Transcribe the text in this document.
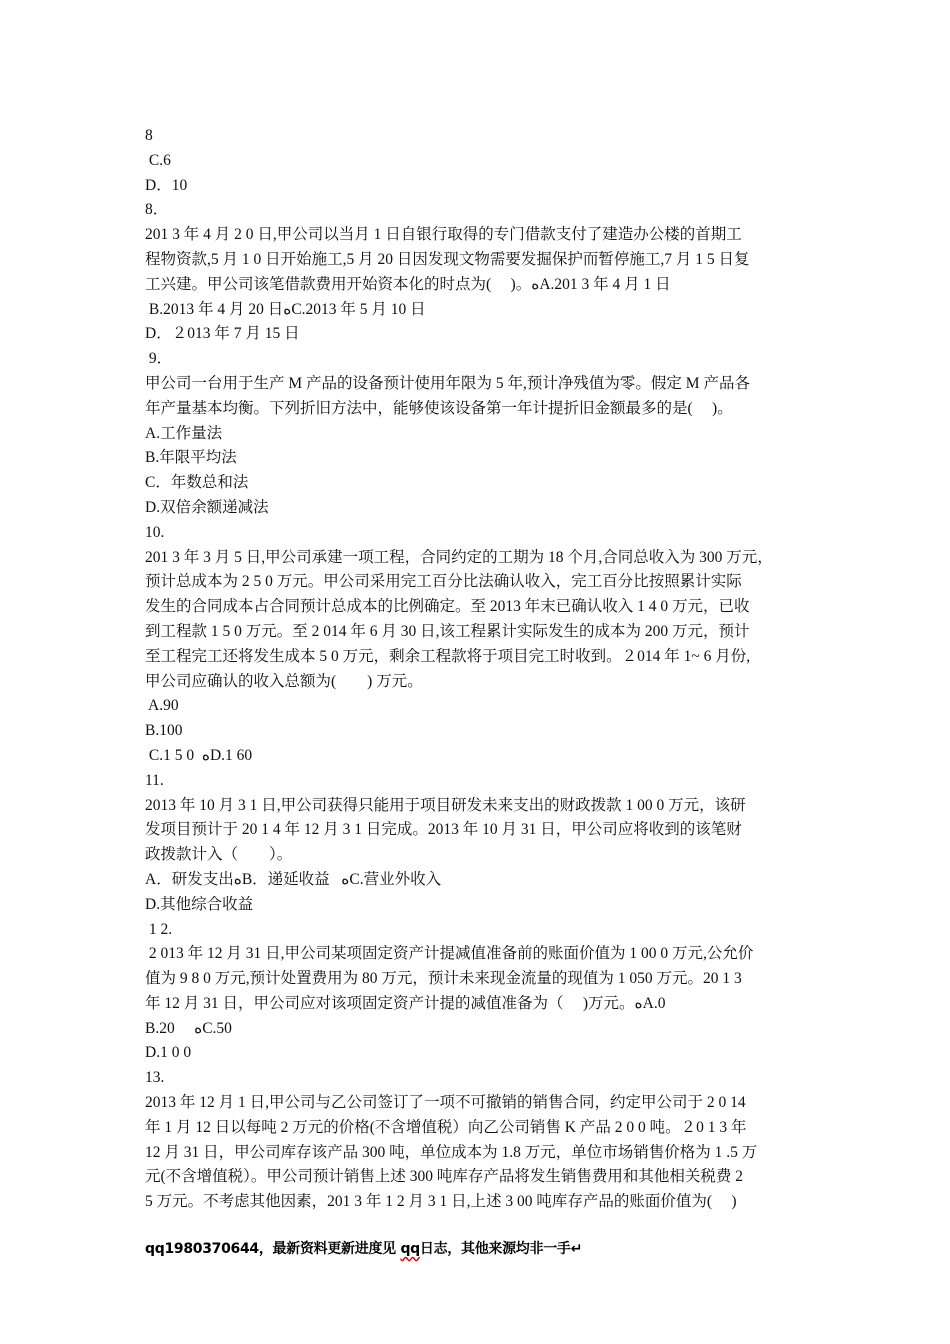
8
C.6
D．10
8．
201 3 年 4 月 2 0 日,甲公司以当月 1 日自银行取得的专门借款支付了建造办公楼的首期工
程物资款,5 月 1 0 日开始施工,5 月 20 日因发现文物需要发掘保护而暂停施工,7 月 1 5 日复
工兴建。甲公司该笔借款费用开始资本化的时点为(     )。ﻩA.201 3 年 4 月 1 日
B.2013 年 4 月 20 日ﻩC.2013 年 5 月 10 日
D．２013 年 7 月 15 日
9．
甲公司一台用于生产 M 产品的设备预计使用年限为 5 年,预计净残值为零。假定 M 产品各
年产量基本均衡。下列折旧方法中，能够使该设备第一年计提折旧金额最多的是(     )。
A.工作量法
B.年限平均法
C．年数总和法
D.双倍余额递减法
10.
201 3 年 3 月 5 日,甲公司承建一项工程，合同约定的工期为 18 个月,合同总收入为 300 万元，
预计总成本为 2 5 0 万元。甲公司采用完工百分比法确认收入，完工百分比按照累计实际
发生的合同成本占合同预计总成本的比例确定。至 2013 年末已确认收入 1 4 0 万元，已收
到工程款 1 5 0 万元。至 2 014 年 6 月 30 日,该工程累计实际发生的成本为 200 万元，预计
至工程完工还将发生成本 5 0 万元，剩余工程款将于项目完工时收到。２014 年 1~ 6 月份,
甲公司应确认的收入总额为(        ) 万元。
A.90
B.100
C.1 5 0  ﻩD.1 60
11.
2013 年 10 月 3 1 日,甲公司获得只能用于项目研发未来支出的财政拨款 1 00 0 万元，该研
发项目预计于 20 1 4 年 12 月 3 1 日完成。2013 年 10 月 31 日，甲公司应将收到的该笔财
政拨款计入（        ）。
A．研发支出ﻩB．递延收益   ﻩC.营业外收入
D.其他综合收益
1 2.
2 013 年 12 月 31 日,甲公司某项固定资产计提减值准备前的账面价值为 1 00 0 万元,公允价
值为 9 8 0 万元,预计处置费用为 80 万元，预计未来现金流量的现值为 1 050 万元。20 1 3
年 12 月 31 日，甲公司应对该项固定资产计提的减值准备为（     )万元。ﻩA.0
B.20     ﻩC.50
D.1 0 0
13.
2013 年 12 月 1 日,甲公司与乙公司签订了一项不可撤销的销售合同，约定甲公司于 2 0 14
年 1 月 12 日以每吨 2 万元的价格(不含增值税）向乙公司销售 K 产品 2 0 0 吨。２0 1 3 年
12 月 31 日，甲公司库存该产品 300 吨，单位成本为 1.8 万元，单位市场销售价格为 1 .5 万
元(不含增值税）。甲公司预计销售上述 300 吨库存产品将发生销售费用和其他相关税费 2
5 万元。不考虑其他因素，201 3 年 1 2 月 3 1 日,上述 3 00 吨库存产品的账面价值为(     )
qq1980370644，最新资料更新进度见 qq日志，其他来源均非一手↵
